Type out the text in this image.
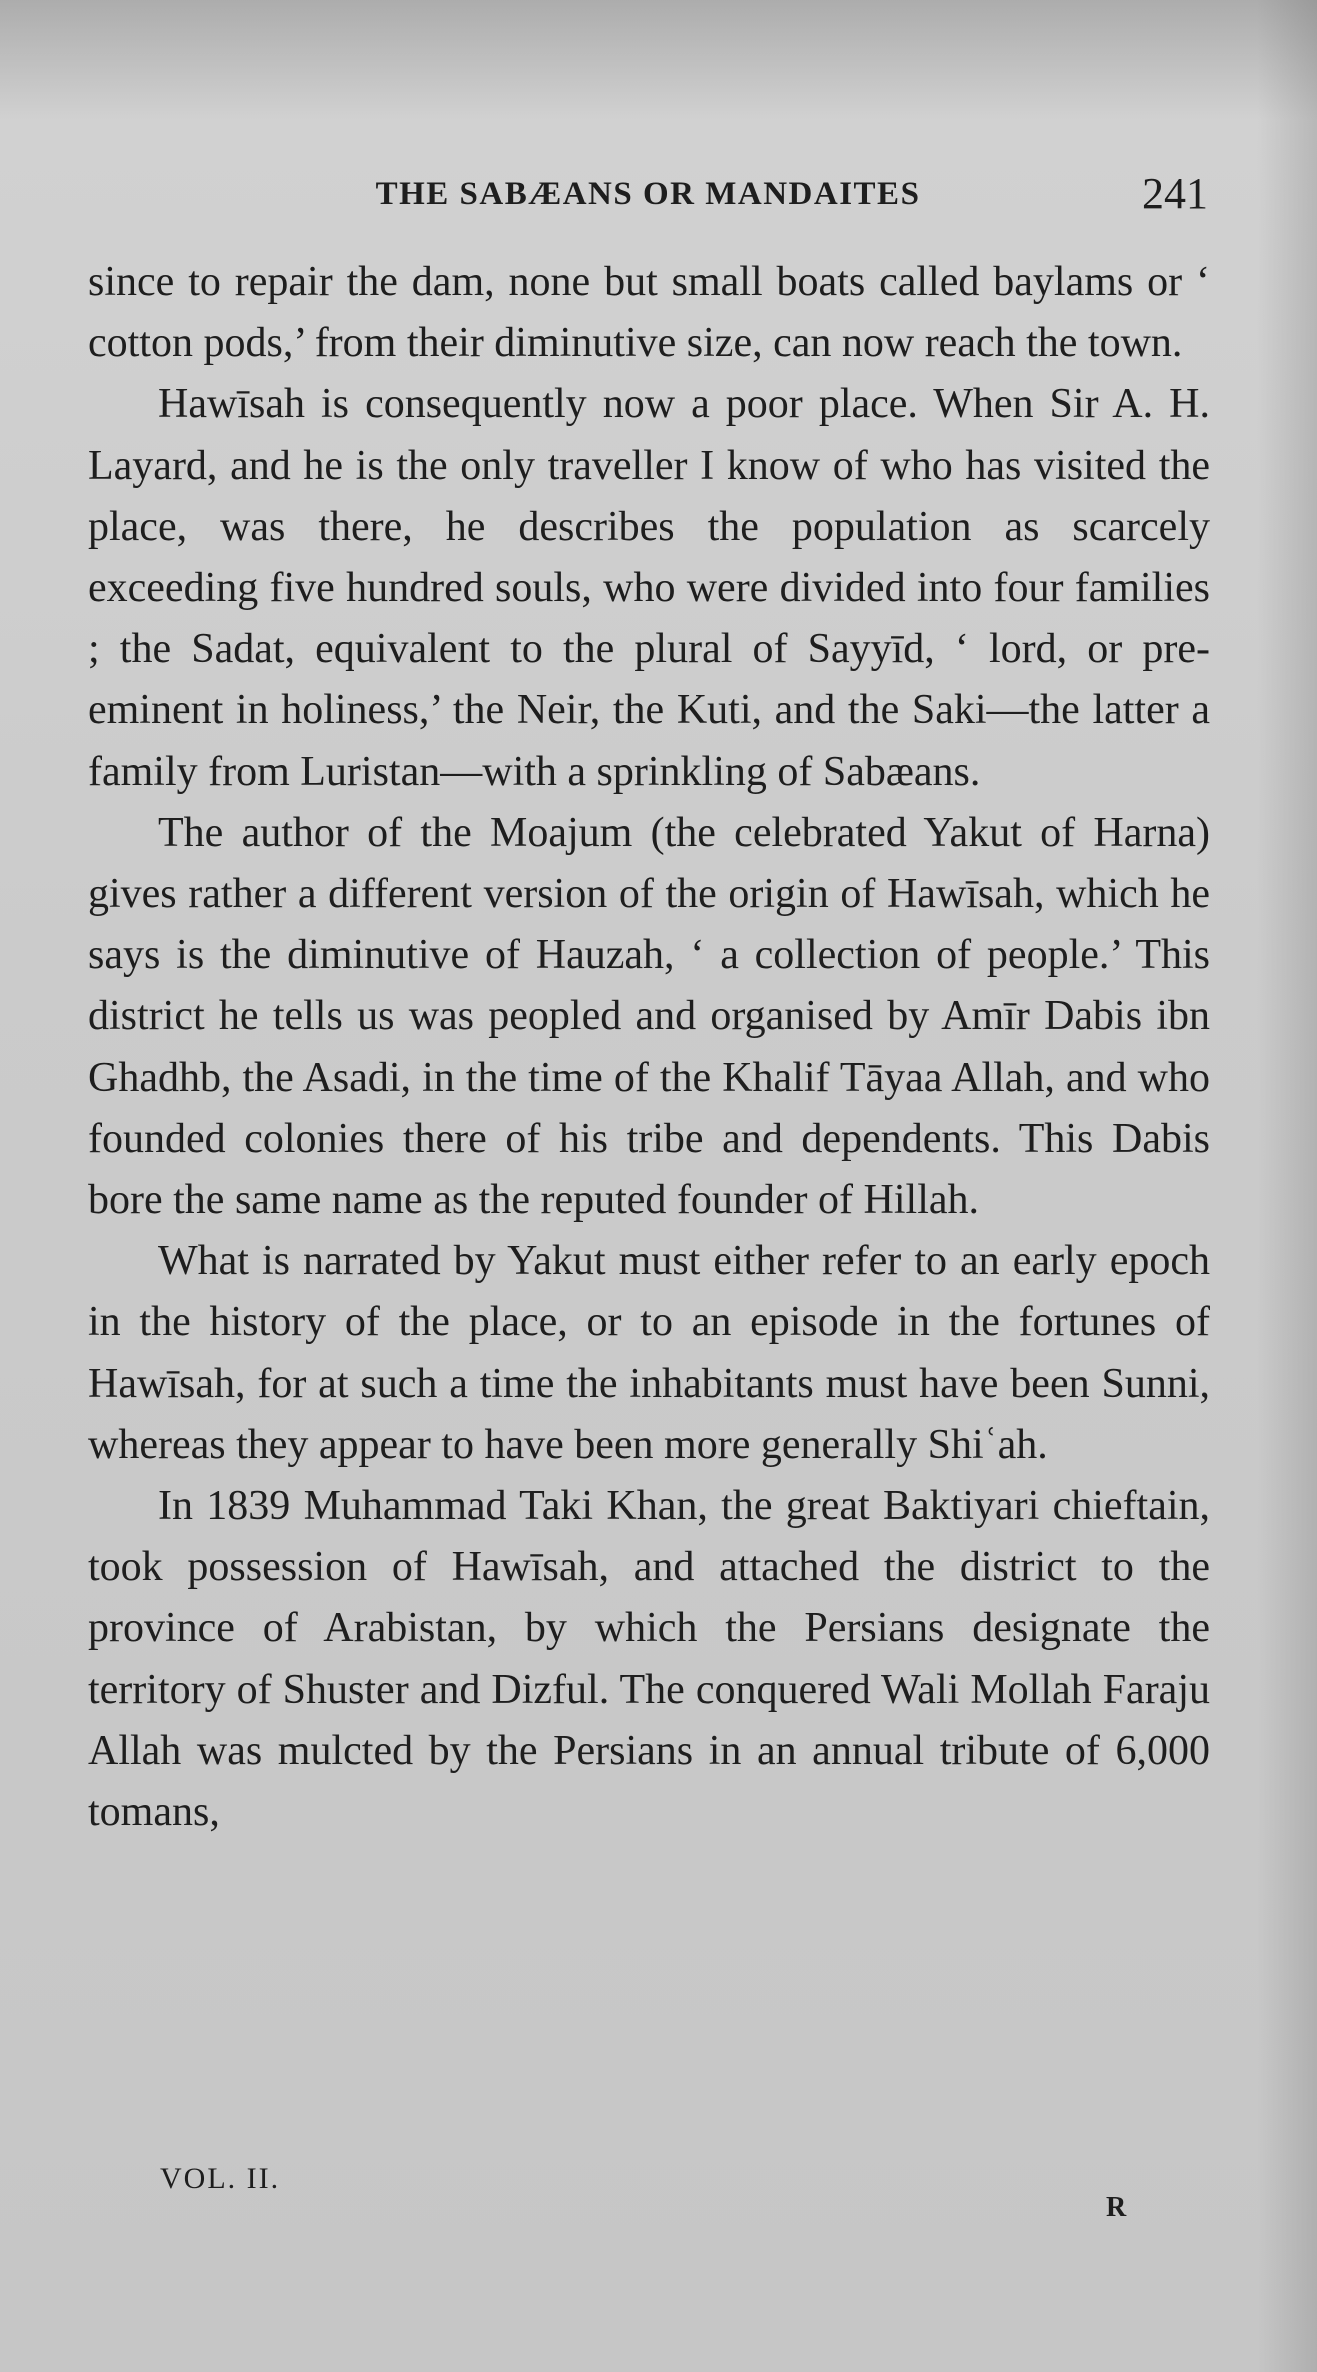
THE SABÆANS OR MANDAITES	241

since to repair the dam, none but small boats called baylams or ‘ cotton pods,’ from their diminutive size, can now reach the town.

Hawīsah is consequently now a poor place. When Sir A. H. Layard, and he is the only traveller I know of who has visited the place, was there, he describes the population as scarcely exceeding five hundred souls, who were divided into four families ; the Sadat, equivalent to the plural of Sayyīd, ‘ lord, or pre-eminent in holiness,’ the Neir, the Kuti, and the Saki—the latter a family from Luristan—with a sprinkling of Sabæans.

The author of the Moajum (the celebrated Yakut of Harna) gives rather a different version of the origin of Hawīsah, which he says is the diminutive of Hauzah, ‘ a collection of people.’ This district he tells us was peopled and organised by Amīr Dabis ibn Ghadhb, the Asadi, in the time of the Khalif Tāyaa Allah, and who founded colonies there of his tribe and dependents. This Dabis bore the same name as the reputed founder of Hillah.

What is narrated by Yakut must either refer to an early epoch in the history of the place, or to an episode in the fortunes of Hawīsah, for at such a time the inhabitants must have been Sunni, whereas they appear to have been more generally Shiʿah.

In 1839 Muhammad Taki Khan, the great Baktiyari chieftain, took possession of Hawīsah, and attached the district to the province of Arabistan, by which the Persians designate the territory of Shuster and Dizful. The conquered Wali Mollah Faraju Allah was mulcted by the Persians in an annual tribute of 6,000 tomans,

VOL. II.
R
